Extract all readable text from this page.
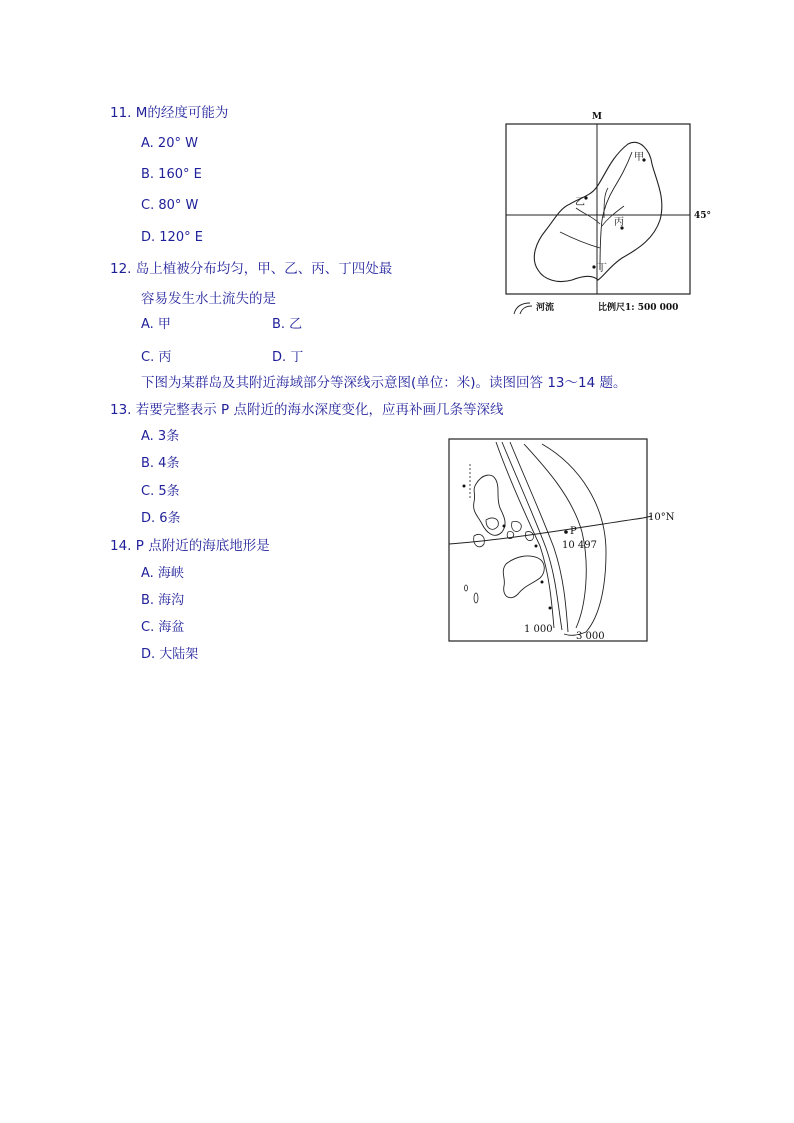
11. M的经度可能为
A. 20° W
B. 160° E
C. 80° W
D. 120° E
12. 岛上植被分布均匀，甲、乙、丙、丁四处最
容易发生水土流失的是
A. 甲	B. 乙
C. 丙	D. 丁
下图为某群岛及其附近海域部分等深线示意图(单位：米)。读图回答 13～14 题。
13. 若要完整表示 P 点附近的海水深度变化，应再补画几条等深线
A. 3条
B. 4条
C. 5条
D. 6条
14. P 点附近的海底地形是
A. 海峡
B. 海沟
C. 海盆
D. 大陆架
M
45°
甲
乙
丙
丁
河流	比例尺1: 500 000
10°N
P
10 497
1 000
3 000
